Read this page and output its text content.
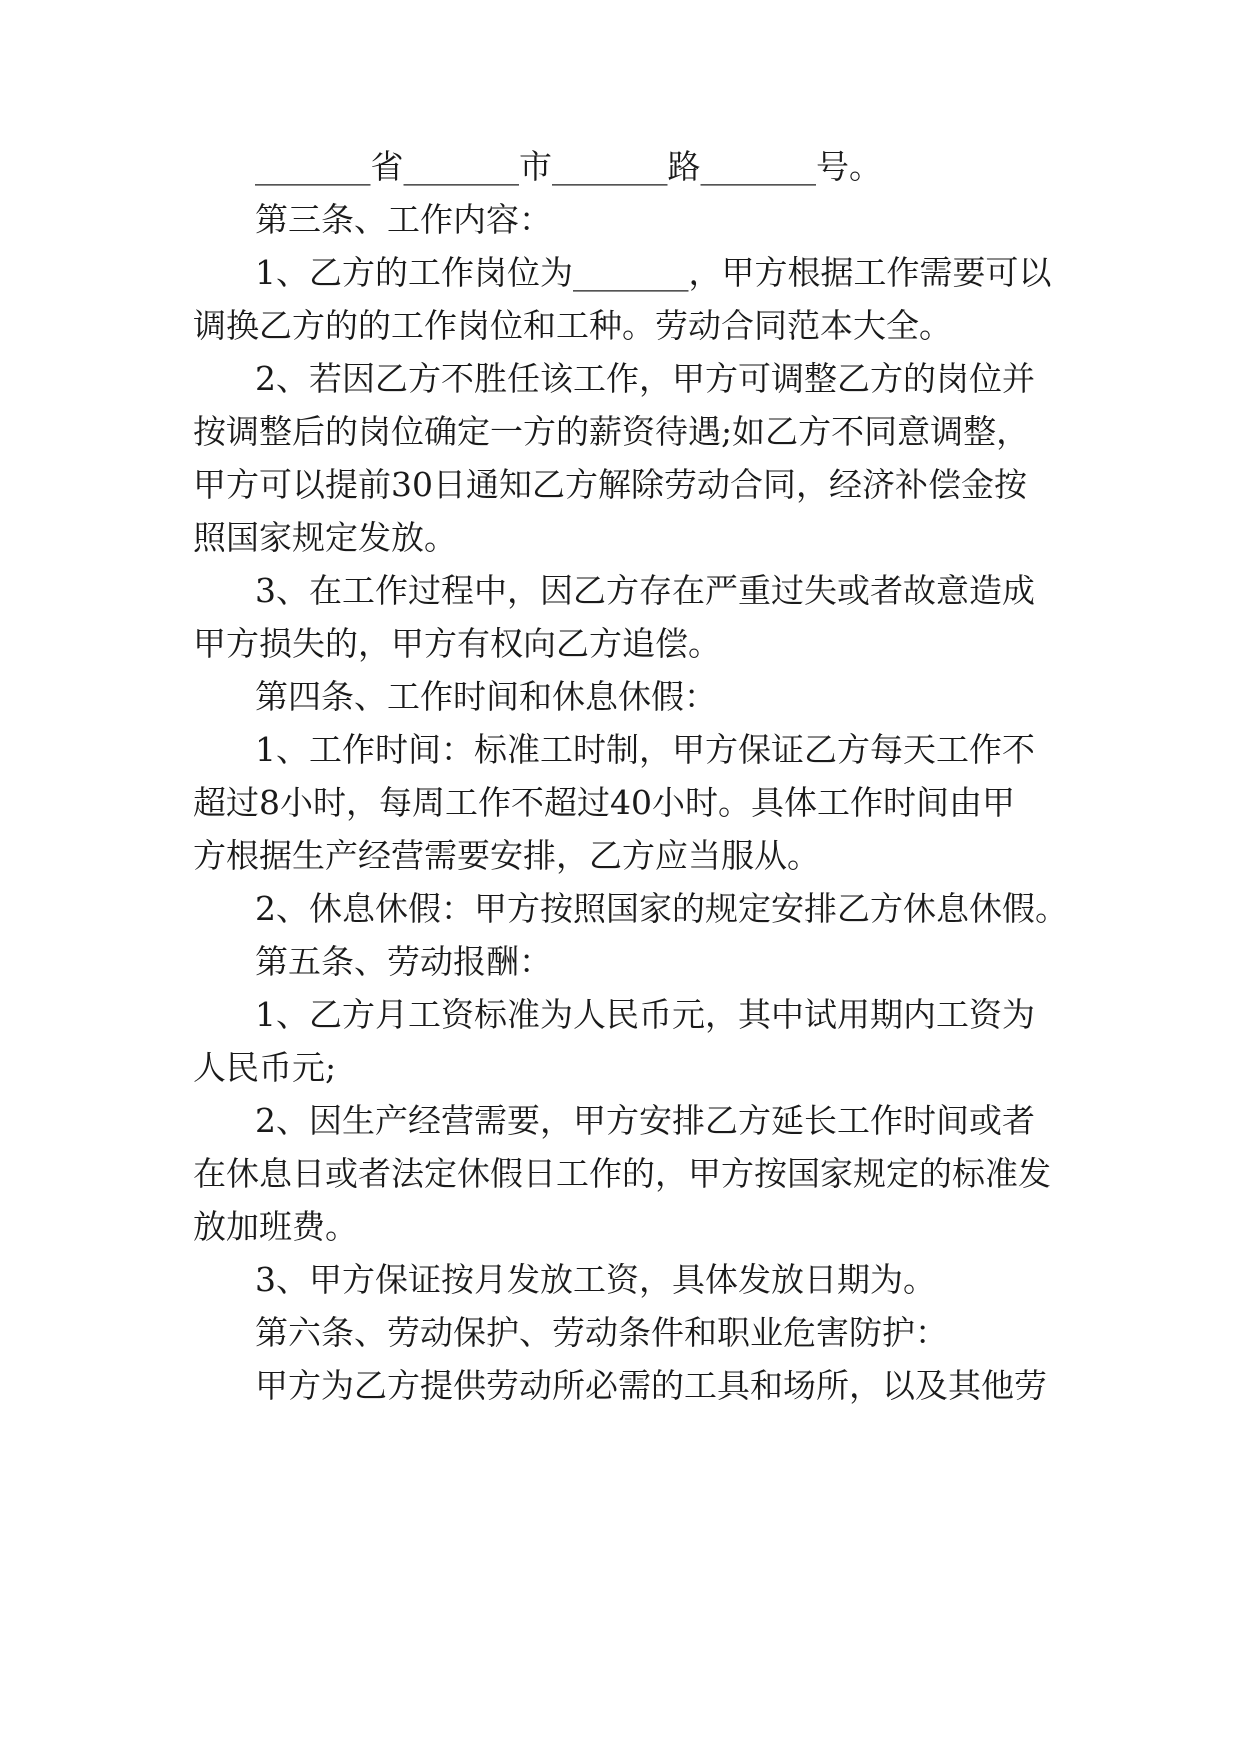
_______省_______市_______路_______号。

第三条、工作内容：

1、乙方的工作岗位为_______，甲方根据工作需要可以

调换乙方的的工作岗位和工种。劳动合同范本大全。

2、若因乙方不胜任该工作，甲方可调整乙方的岗位并

按调整后的岗位确定一方的薪资待遇;如乙方不同意调整，

甲方可以提前30日通知乙方解除劳动合同，经济补偿金按

照国家规定发放。

3、在工作过程中，因乙方存在严重过失或者故意造成

甲方损失的，甲方有权向乙方追偿。

第四条、工作时间和休息休假：

1、工作时间：标准工时制，甲方保证乙方每天工作不

超过8小时，每周工作不超过40小时。具体工作时间由甲

方根据生产经营需要安排，乙方应当服从。

2、休息休假：甲方按照国家的规定安排乙方休息休假。

第五条、劳动报酬：

1、乙方月工资标准为人民币元，其中试用期内工资为

人民币元;

2、因生产经营需要，甲方安排乙方延长工作时间或者

在休息日或者法定休假日工作的，甲方按国家规定的标准发

放加班费。

3、甲方保证按月发放工资，具体发放日期为。

第六条、劳动保护、劳动条件和职业危害防护：

甲方为乙方提供劳动所必需的工具和场所，以及其他劳
